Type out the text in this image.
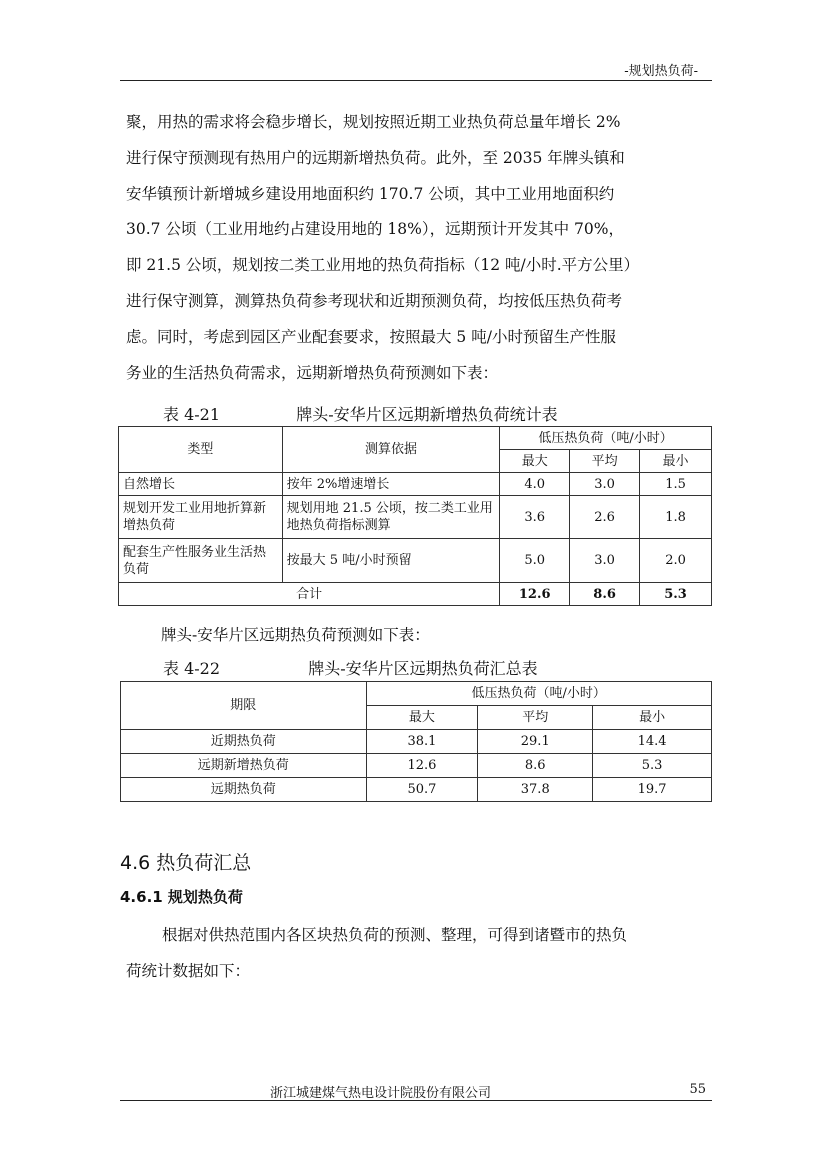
-规划热负荷-

聚，用热的需求将会稳步增长，规划按照近期工业热负荷总量年增长 2%

进行保守预测现有热用户的远期新增热负荷。此外，至 2035 年牌头镇和

安华镇预计新增城乡建设用地面积约 170.7 公顷，其中工业用地面积约

30.7 公顷（工业用地约占建设用地的 18%），远期预计开发其中 70%，

即 21.5 公顷，规划按二类工业用地的热负荷指标（12 吨/小时.平方公里）

进行保守测算，测算热负荷参考现状和近期预测负荷，均按低压热负荷考

虑。同时，考虑到园区产业配套要求，按照最大 5 吨/小时预留生产性服

务业的生活热负荷需求，远期新增热负荷预测如下表：

表 4-21	牌头-安华片区远期新增热负荷统计表
类型	测算依据	低压热负荷（吨/小时）		
		最大	平均	最小
自然增长	按年 2%增速增长	4.0	3.0	1.5
规划开发工业用地折算新增热负荷	规划用地 21.5 公顷，按二类工业用地热负荷指标测算	3.6	2.6	1.8
配套生产性服务业生活热负荷	按最大 5 吨/小时预留	5.0	3.0	2.0
合计		12.6	8.6	5.3

牌头-安华片区远期热负荷预测如下表：

表 4-22	牌头-安华片区远期热负荷汇总表
期限	低压热负荷（吨/小时）		
	最大	平均	最小
近期热负荷	38.1	29.1	14.4
远期新增热负荷	12.6	8.6	5.3
远期热负荷	50.7	37.8	19.7
4.6 热负荷汇总
4.6.1 规划热负荷

根据对供热范围内各区块热负荷的预测、整理，可得到诸暨市的热负

荷统计数据如下：

浙江城建煤气热电设计院股份有限公司	55
